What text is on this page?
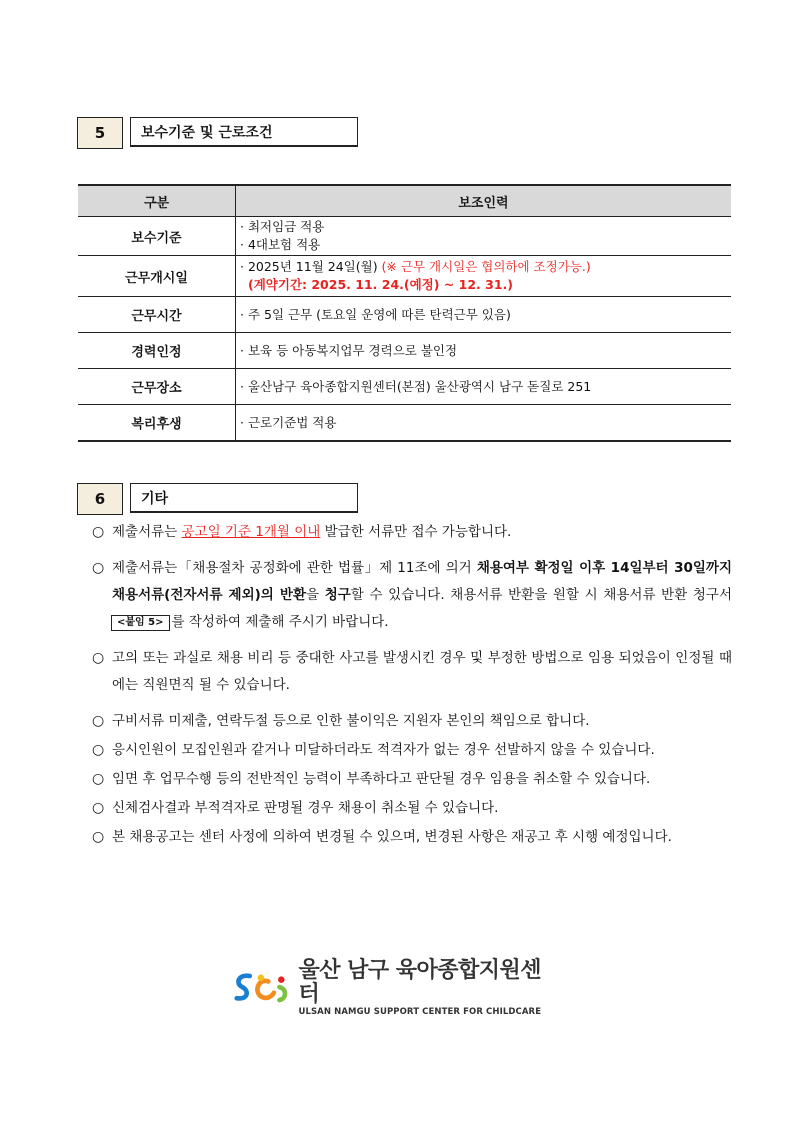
5	보수기준 및 근로조건
구분	보조인력
보수기준	· 최저임금 적용
· 4대보험 적용

근무개시일	· 2025년 11월 24일(월) (※ 근무 개시일은 협의하에 조정가능.)
(계약기간: 2025. 11. 24.(예정) ~ 12. 31.)

근무시간	· 주 5일 근무 (토요일 운영에 따른 탄력근무 있음)
경력인정	· 보육 등 아동복지업무 경력으로 불인정
근무장소	· 울산남구 육아종합지원센터(본점) 울산광역시 남구 돋질로 251
복리후생	· 근로기준법 적용
6	기타
○ 제출서류는 공고일 기준 1개월 이내 발급한 서류만 접수 가능합니다.
○ 제출서류는「채용절차 공정화에 관한 법률」제 11조에 의거 채용여부 확정일 이후 14일부터 30일까지 채용서류(전자서류 제외)의 반환을 청구할 수 있습니다. 채용서류 반환을 원할 시 채용서류 반환 청구서 <붙임 5> 를 작성하여 제출해 주시기 바랍니다.
○ 고의 또는 과실로 채용 비리 등 중대한 사고를 발생시킨 경우 및 부정한 방법으로 임용 되었음이 인정될 때에는 직원면직 될 수 있습니다.
○ 구비서류 미제출, 연락두절 등으로 인한 불이익은 지원자 본인의 책임으로 합니다.
○ 응시인원이 모집인원과 같거나 미달하더라도 적격자가 없는 경우 선발하지 않을 수 있습니다.
○ 임면 후 업무수행 등의 전반적인 능력이 부족하다고 판단될 경우 임용을 취소할 수 있습니다.
○ 신체검사결과 부적격자로 판명될 경우 채용이 취소될 수 있습니다.
○ 본 채용공고는 센터 사정에 의하여 변경될 수 있으며, 변경된 사항은 재공고 후 시행 예정입니다.
울산 남구 육아종합지원센터
ULSAN NAMGU SUPPORT CENTER FOR CHILDCARE
